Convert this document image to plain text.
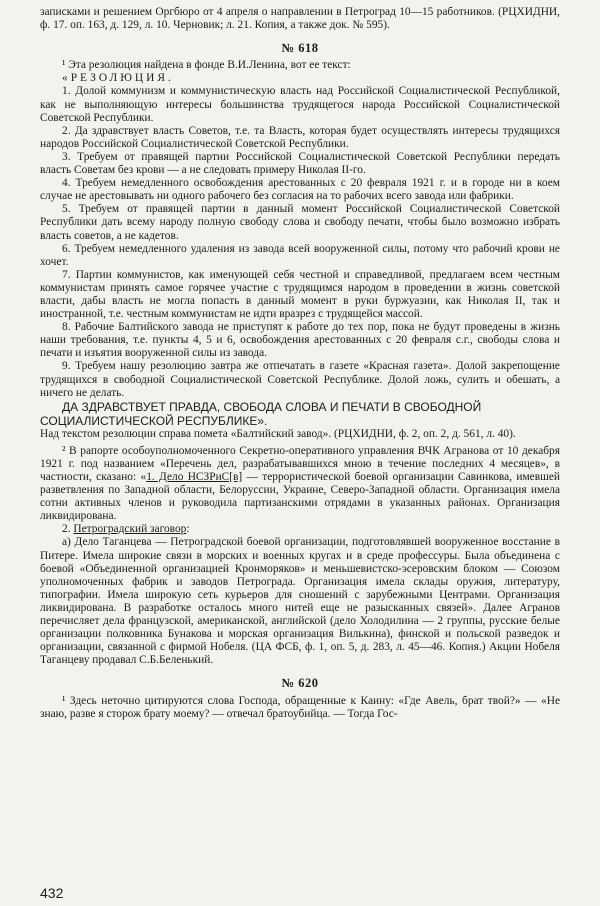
записками и решением Оргбюро от 4 апреля о направлении в Петроград 10—15 работников. (РЦХИДНИ, ф. 17. оп. 163, д. 129, л. 10. Черновик; л. 21. Копия, а также док. № 595).

№ 618

¹ Эта резолюция найдена в фонде В.И.Ленина, вот ее текст:

«РЕЗОЛЮЦИЯ.

1. Долой коммунизм и коммунистическую власть над Российской Социалистической Республикой, как не выполняющую интересы большинства трудящегося народа Российской Социалистической Советской Республики.

2. Да здравствует власть Советов, т.е. та Власть, которая будет осуществлять интересы трудящихся народов Российской Социалистической Советской Республики.

3. Требуем от правящей партии Российской Социалистической Советской Республики передать власть Советам без крови — а не следовать примеру Николая II-го.

4. Требуем немедленного освобождения арестованных с 20 февраля 1921 г. и в городе ни в коем случае не арестовывать ни одного рабочего без согласия на то рабочих всего завода или фабрики.

5. Требуем от правящей партии в данный момент Российской Социалистической Советской Республики дать всему народу полную свободу слова и свободу печати, чтобы было возможно избрать власть советов, а не кадетов.

6. Требуем немедленного удаления из завода всей вооруженной силы, потому что рабочий крови не хочет.

7. Партии коммунистов, как именующей себя честной и справедливой, предлагаем всем честным коммунистам принять самое горячее участие с трудящимся народом в проведении в жизнь советской власти, дабы власть не могла попасть в данный момент в руки буржуазии, как Николая II, так и иностранной, т.е. честным коммунистам не идти вразрез с трудящейся массой.

8. Рабочие Балтийского завода не приступят к работе до тех пор, пока не будут проведены в жизнь наши требования, т.е. пункты 4, 5 и 6, освобождения арестованных с 20 февраля с.г., свободы слова и печати и изъятия вооруженной силы из завода.

9. Требуем нашу резолюцию завтра же отпечатать в газете «Красная газета». Долой закрепощение трудящихся в свободной Социалистической Советской Республике. Долой ложь, сулить и обешать, а ничего не делать.

ДА ЗДРАВСТВУЕТ ПРАВДА, СВОБОДА СЛОВА И ПЕЧАТИ В СВОБОДНОЙ СОЦИАЛИСТИЧЕСКОЙ РЕСПУБЛИКЕ».

Над текстом резолюции справа помета «Балтийский завод». (РЦХИДНИ, ф. 2, оп. 2, д. 561, л. 40).

² В рапорте особоуполномоченного Секретно-оперативного управления ВЧК Агранова от 10 декабря 1921 г. под названием «Перечень дел, разрабатывавшихся мною в течение последних 4 месяцев», в частности, сказано: «1. Дело НСЗРиС[в] — террористической боевой организации Савинкова, имевшей разветвления по Западной области, Белоруссии, Украине, Северо-Западной области. Организация имела сотни активных членов и руководила партизанскими отрядами в указанных районах. Организация ликвидирована.

2. Петроградский заговор:

а) Дело Таганцева — Петроградской боевой организации, подготовлявшей вооруженное восстание в Питере. Имела широкие связи в морских и военных кругах и в среде профессуры. Была объединена с боевой «Объединенной организацией Кронморяков» и меньшевистско-эсеровским блоком — Союзом уполномоченных фабрик и заводов Петрограда. Организация имела склады оружия, литературу, типографии. Имела широкую сеть курьеров для сношений с зарубежными Центрами. Организация ликвидирована. В разработке осталось много нитей еще не разысканных связей». Далее Агранов перечисляет дела французской, американской, английской (дело Холодилина — 2 группы, русские белые организации полковника Бунакова и морская организация Вилькина), финской и польской разведок и организации, связанной с фирмой Нобеля. (ЦА ФСБ, ф. 1, оп. 5, д. 283, л. 45—46. Копия.) Акции Нобеля Таганцеву продавал С.Б.Беленький.

№ 620

¹ Здесь неточно цитируются слова Господа, обращенные к Каину: «Где Авель, брат твой?» — «Не знаю, разве я сторож брату моему? — отвечал братоубийца. — Тогда Гос-

432
